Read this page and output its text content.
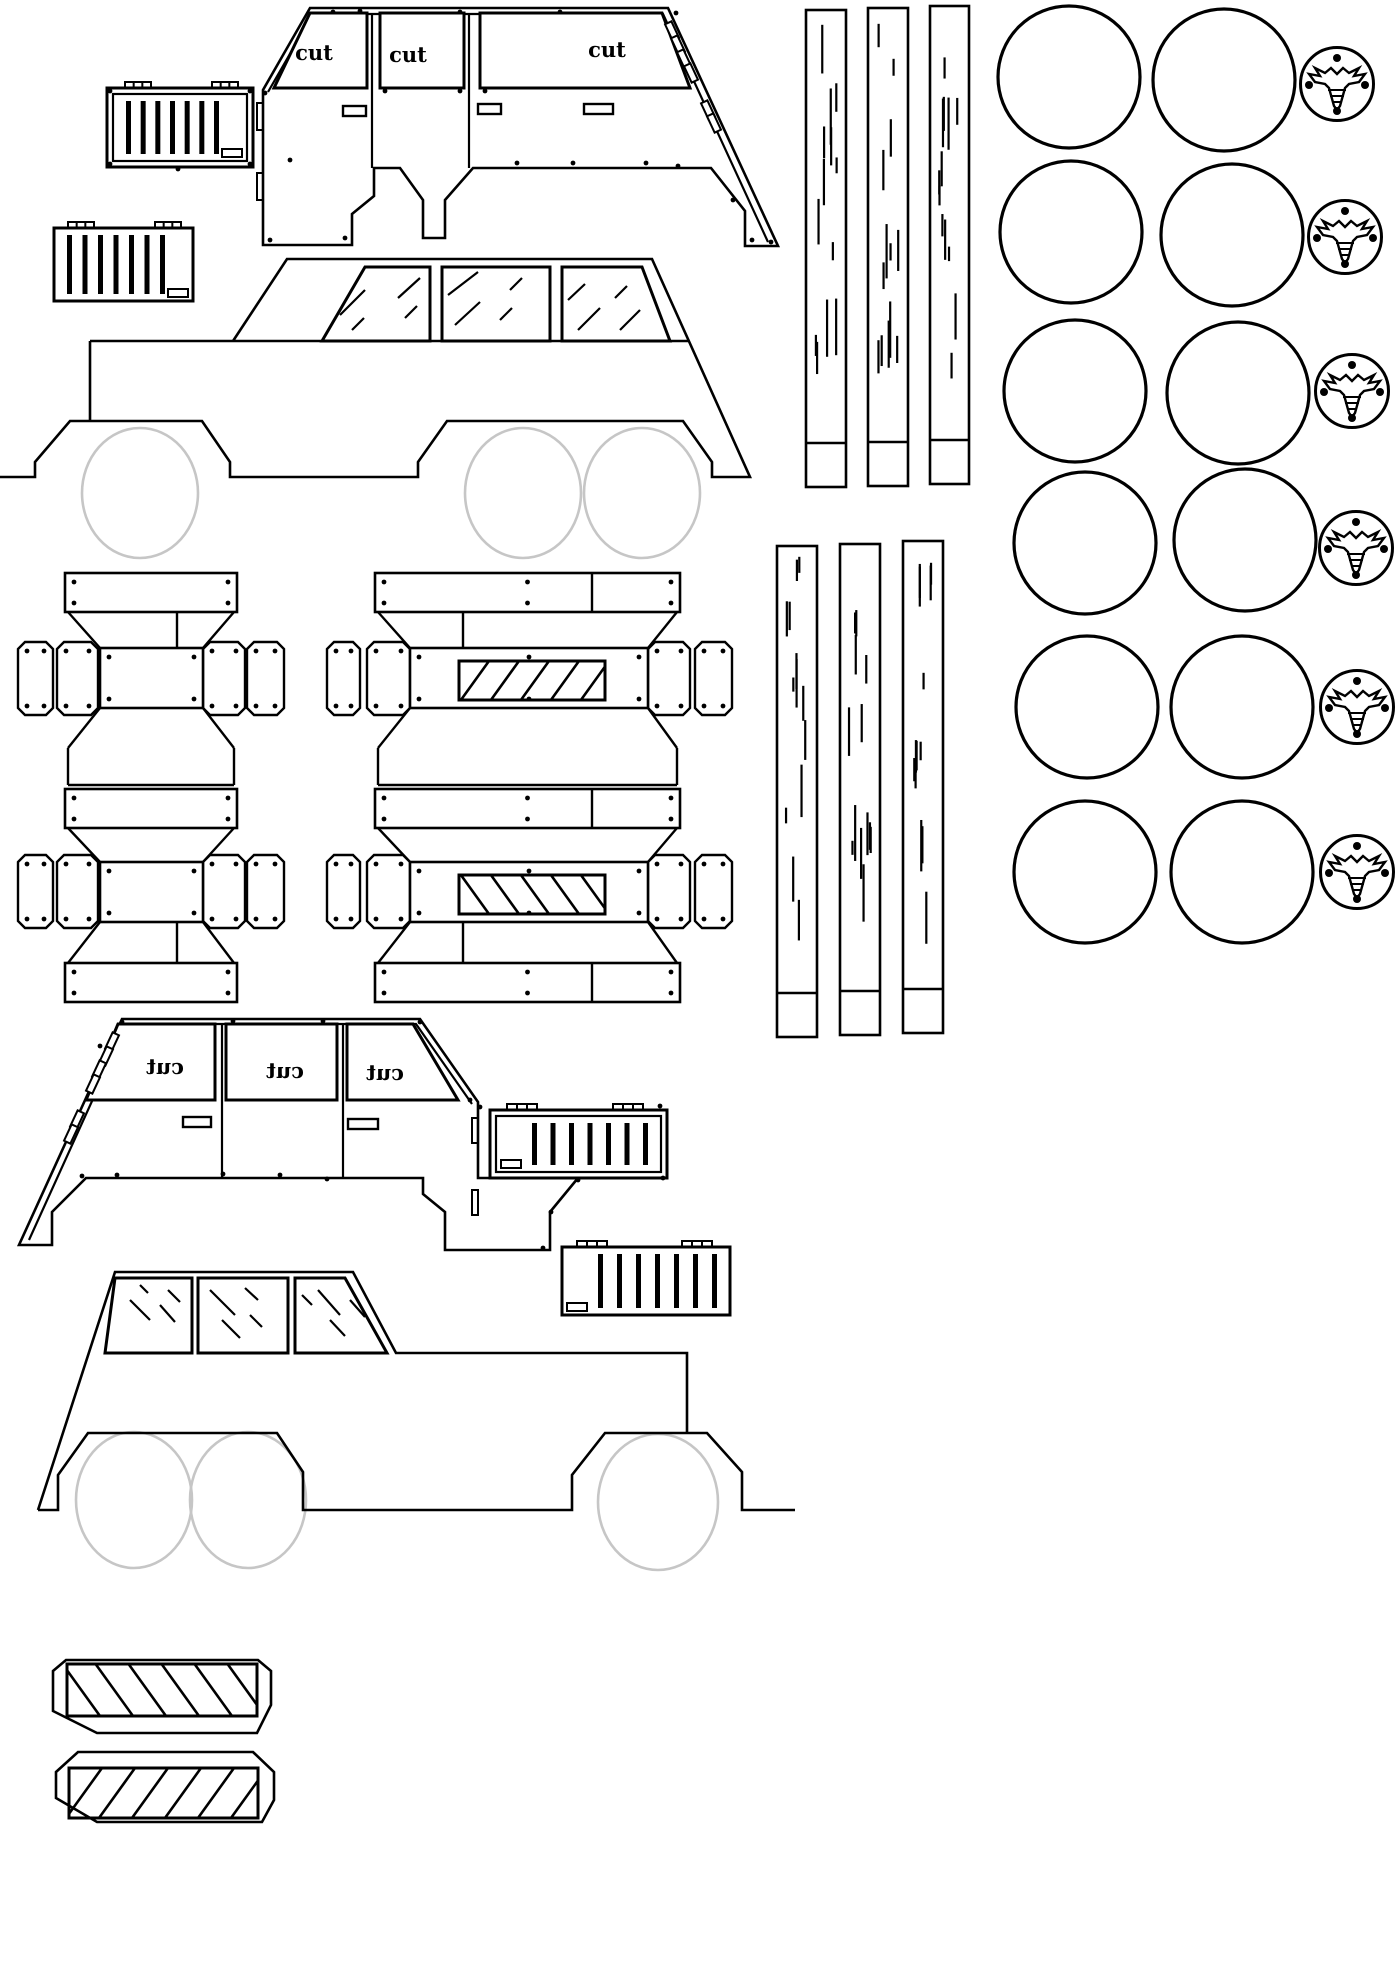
cut	cut	cut
cut	cut	cut
